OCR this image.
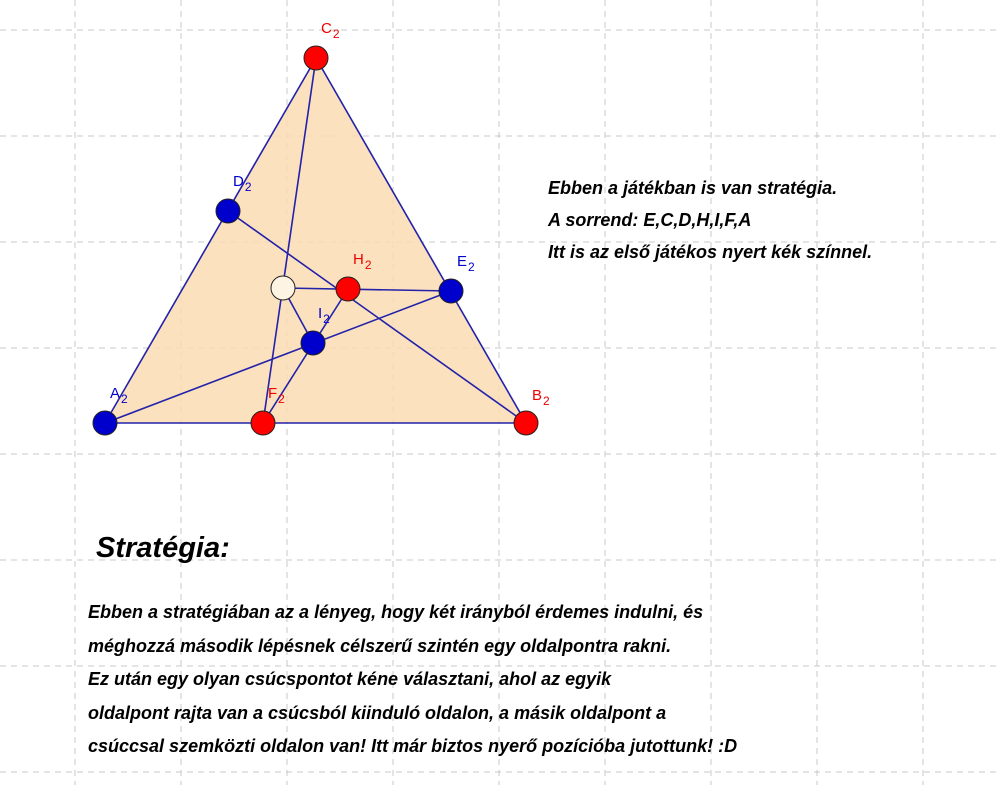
$C_2$
$D_2$
$H_2$	$E_2$
$I_2$
$A_2$	$F_2$	$B_2$
Ebben a játékban is van stratégia.
A sorrend: E,C,D,H,I,F,A
Itt is az első játékos nyert kék színnel.
Stratégia:
Ebben a stratégiában az a lényeg, hogy két irányból érdemes indulni, és
méghozzá második lépésnek célszerű szintén egy oldalpontra rakni.
Ez után egy olyan csúcspontot kéne választani, ahol az egyik
oldalpont rajta van a csúcsból kiinduló oldalon, a másik oldalpont a
csúccsal szemközti oldalon van! Itt már biztos nyerő pozícióba jutottunk! :D
